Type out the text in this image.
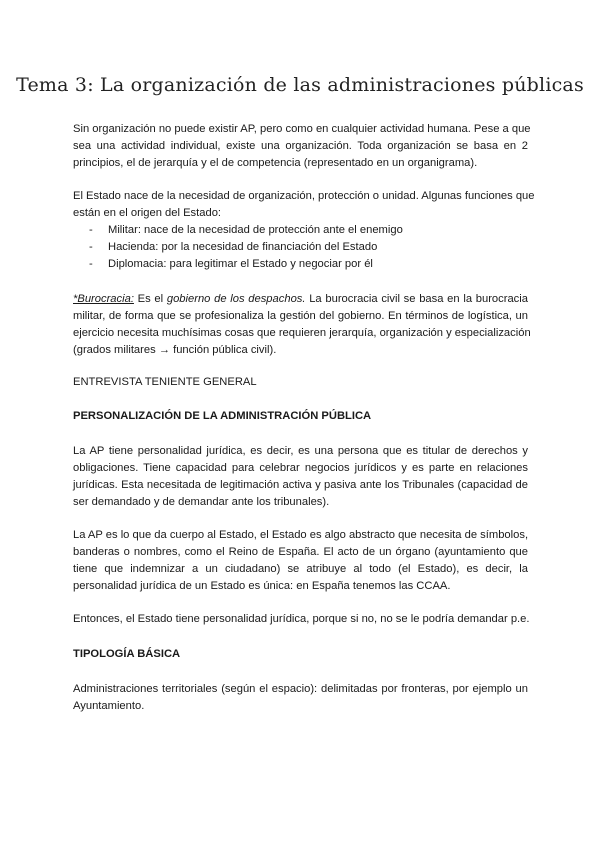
Tema 3: La organización de las administraciones públicas
Sin organización no puede existir AP, pero como en cualquier actividad humana. Pese a que
sea una actividad individual, existe una organización. Toda organización se basa en 2
principios, el de jerarquía y el de competencia (representado en un organigrama).
El Estado nace de la necesidad de organización, protección o unidad. Algunas funciones que
están en el origen del Estado:
- Militar: nace de la necesidad de protección ante el enemigo
- Hacienda: por la necesidad de financiación del Estado
- Diplomacia: para legitimar el Estado y negociar por él
*Burocracia: Es el gobierno de los despachos. La burocracia civil se basa en la burocracia
militar, de forma que se profesionaliza la gestión del gobierno. En términos de logística, un
ejercicio necesita muchísimas cosas que requieren jerarquía, organización y especialización
(grados militares → función pública civil).
ENTREVISTA TENIENTE GENERAL
PERSONALIZACIÓN DE LA ADMINISTRACIÓN PÚBLICA
La AP tiene personalidad jurídica, es decir, es una persona que es titular de derechos y
obligaciones. Tiene capacidad para celebrar negocios jurídicos y es parte en relaciones
jurídicas. Esta necesitada de legitimación activa y pasiva ante los Tribunales (capacidad de
ser demandado y de demandar ante los tribunales).
La AP es lo que da cuerpo al Estado, el Estado es algo abstracto que necesita de símbolos,
banderas o nombres, como el Reino de España. El acto de un órgano (ayuntamiento que
tiene que indemnizar a un ciudadano) se atribuye al todo (el Estado), es decir, la
personalidad jurídica de un Estado es única: en España tenemos las CCAA.
Entonces, el Estado tiene personalidad jurídica, porque si no, no se le podría demandar p.e.
TIPOLOGÍA BÁSICA
Administraciones territoriales (según el espacio): delimitadas por fronteras, por ejemplo un
Ayuntamiento.
